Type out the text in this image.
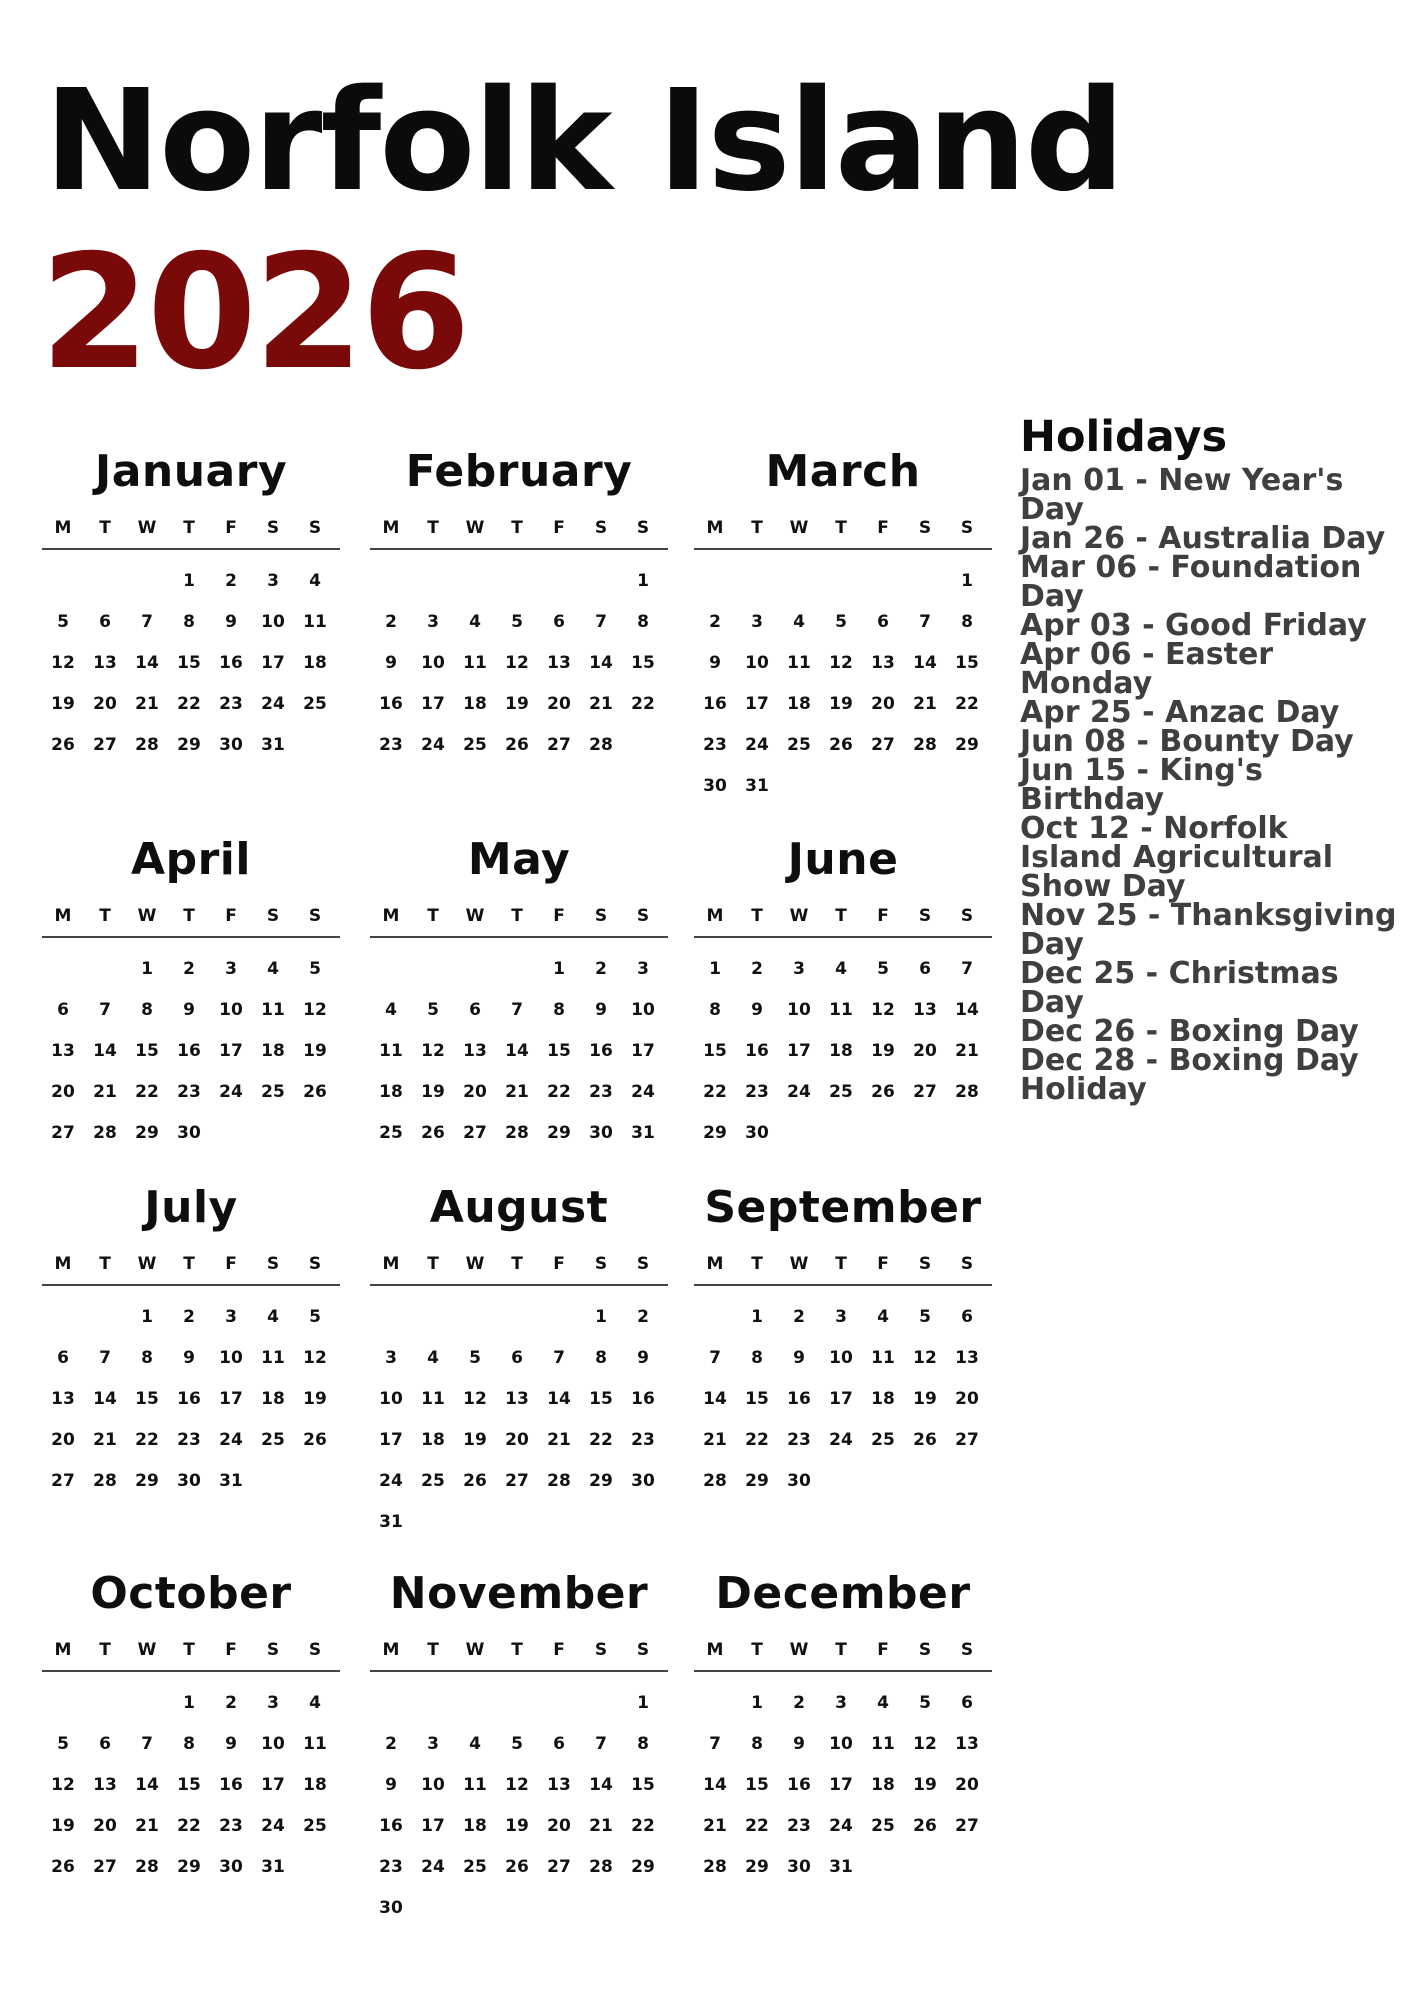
Norfolk Island
2026
January
M T W T F S S
1 2 3 4
5 6 7 8 9 10 11
12 13 14 15 16 17 18
19 20 21 22 23 24 25
26 27 28 29 30 31
February
M T W T F S S
1
2 3 4 5 6 7 8
9 10 11 12 13 14 15
16 17 18 19 20 21 22
23 24 25 26 27 28
March
M T W T F S S
1
2 3 4 5 6 7 8
9 10 11 12 13 14 15
16 17 18 19 20 21 22
23 24 25 26 27 28 29
30 31
April
M T W T F S S
1 2 3 4 5
6 7 8 9 10 11 12
13 14 15 16 17 18 19
20 21 22 23 24 25 26
27 28 29 30
May
M T W T F S S
1 2 3
4 5 6 7 8 9 10
11 12 13 14 15 16 17
18 19 20 21 22 23 24
25 26 27 28 29 30 31
June
M T W T F S S
1 2 3 4 5 6 7
8 9 10 11 12 13 14
15 16 17 18 19 20 21
22 23 24 25 26 27 28
29 30
July
M T W T F S S
1 2 3 4 5
6 7 8 9 10 11 12
13 14 15 16 17 18 19
20 21 22 23 24 25 26
27 28 29 30 31
August
M T W T F S S
1 2
3 4 5 6 7 8 9
10 11 12 13 14 15 16
17 18 19 20 21 22 23
24 25 26 27 28 29 30
31
September
M T W T F S S
1 2 3 4 5 6
7 8 9 10 11 12 13
14 15 16 17 18 19 20
21 22 23 24 25 26 27
28 29 30
October
M T W T F S S
1 2 3 4
5 6 7 8 9 10 11
12 13 14 15 16 17 18
19 20 21 22 23 24 25
26 27 28 29 30 31
November
M T W T F S S
1
2 3 4 5 6 7 8
9 10 11 12 13 14 15
16 17 18 19 20 21 22
23 24 25 26 27 28 29
30
December
M T W T F S S
1 2 3 4 5 6
7 8 9 10 11 12 13
14 15 16 17 18 19 20
21 22 23 24 25 26 27
28 29 30 31
Holidays
Jan 01 - New Year's Day
Jan 26 - Australia Day
Mar 06 - Foundation Day
Apr 03 - Good Friday
Apr 06 - Easter Monday
Apr 25 - Anzac Day
Jun 08 - Bounty Day
Jun 15 - King's Birthday
Oct 12 - Norfolk Island Agricultural Show Day
Nov 25 - Thanksgiving Day
Dec 25 - Christmas Day
Dec 26 - Boxing Day
Dec 28 - Boxing Day Holiday
